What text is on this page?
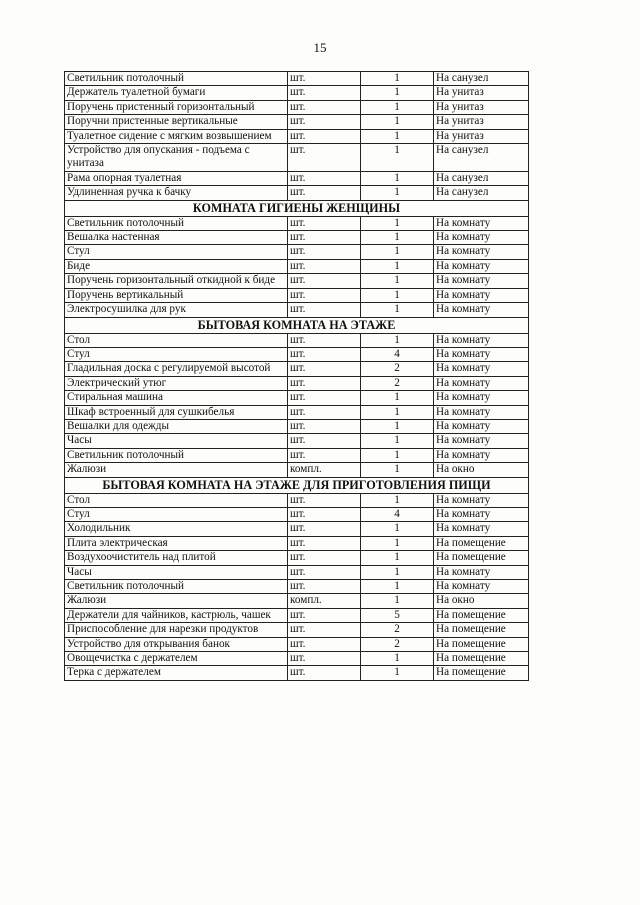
15
Светильник потолочный	шт.	1	На санузел
Держатель туалетной бумаги	шт.	1	На унитаз
Поручень пристенный горизонтальный	шт.	1	На унитаз
Поручни пристенные вертикальные	шт.	1	На унитаз
Туалетное сидение с мягким возвышением	шт.	1	На унитаз
Устройство для опускания - подъема с унитаза	шт.	1	На санузел
Рама опорная туалетная	шт.	1	На санузел
Удлиненная ручка к бачку	шт.	1	На санузел
КОМНАТА ГИГИЕНЫ ЖЕНЩИНЫ			
Светильник потолочный	шт.	1	На комнату
Вешалка настенная	шт.	1	На комнату
Стул	шт.	1	На комнату
Биде	шт.	1	На комнату
Поручень горизонтальный откидной к биде	шт.	1	На комнату
Поручень вертикальный	шт.	1	На комнату
Электросушилка для рук	шт.	1	На комнату
БЫТОВАЯ КОМНАТА НА ЭТАЖЕ			
Стол	шт.	1	На комнату
Стул	шт.	4	На комнату
Гладильная доска с регулируемой высотой	шт.	2	На комнату
Электрический утюг	шт.	2	На комнату
Стиральная машина	шт.	1	На комнату
Шкаф встроенный для сушкибелья	шт.	1	На комнату
Вешалки для одежды	шт.	1	На комнату
Часы	шт.	1	На комнату
Светильник потолочный	шт.	1	На комнату
Жалюзи	компл.	1	На окно
БЫТОВАЯ КОМНАТА НА ЭТАЖЕ ДЛЯ ПРИГОТОВЛЕНИЯ ПИЩИ			
Стол	шт.	1	На комнату
Стул	шт.	4	На комнату
Холодильник	шт.	1	На комнату
Плита электрическая	шт.	1	На помещение
Воздухоочиститель над плитой	шт.	1	На помещение
Часы	шт.	1	На комнату
Светильник потолочный	шт.	1	На комнату
Жалюзи	компл.	1	На окно
Держатели для чайников, кастрюль, чашек	шт.	5	На помещение
Приспособление для нарезки продуктов	шт.	2	На помещение
Устройство для открывания банок	шт.	2	На помещение
Овощечистка с держателем	шт.	1	На помещение
Терка с держателем	шт.	1	На помещение
